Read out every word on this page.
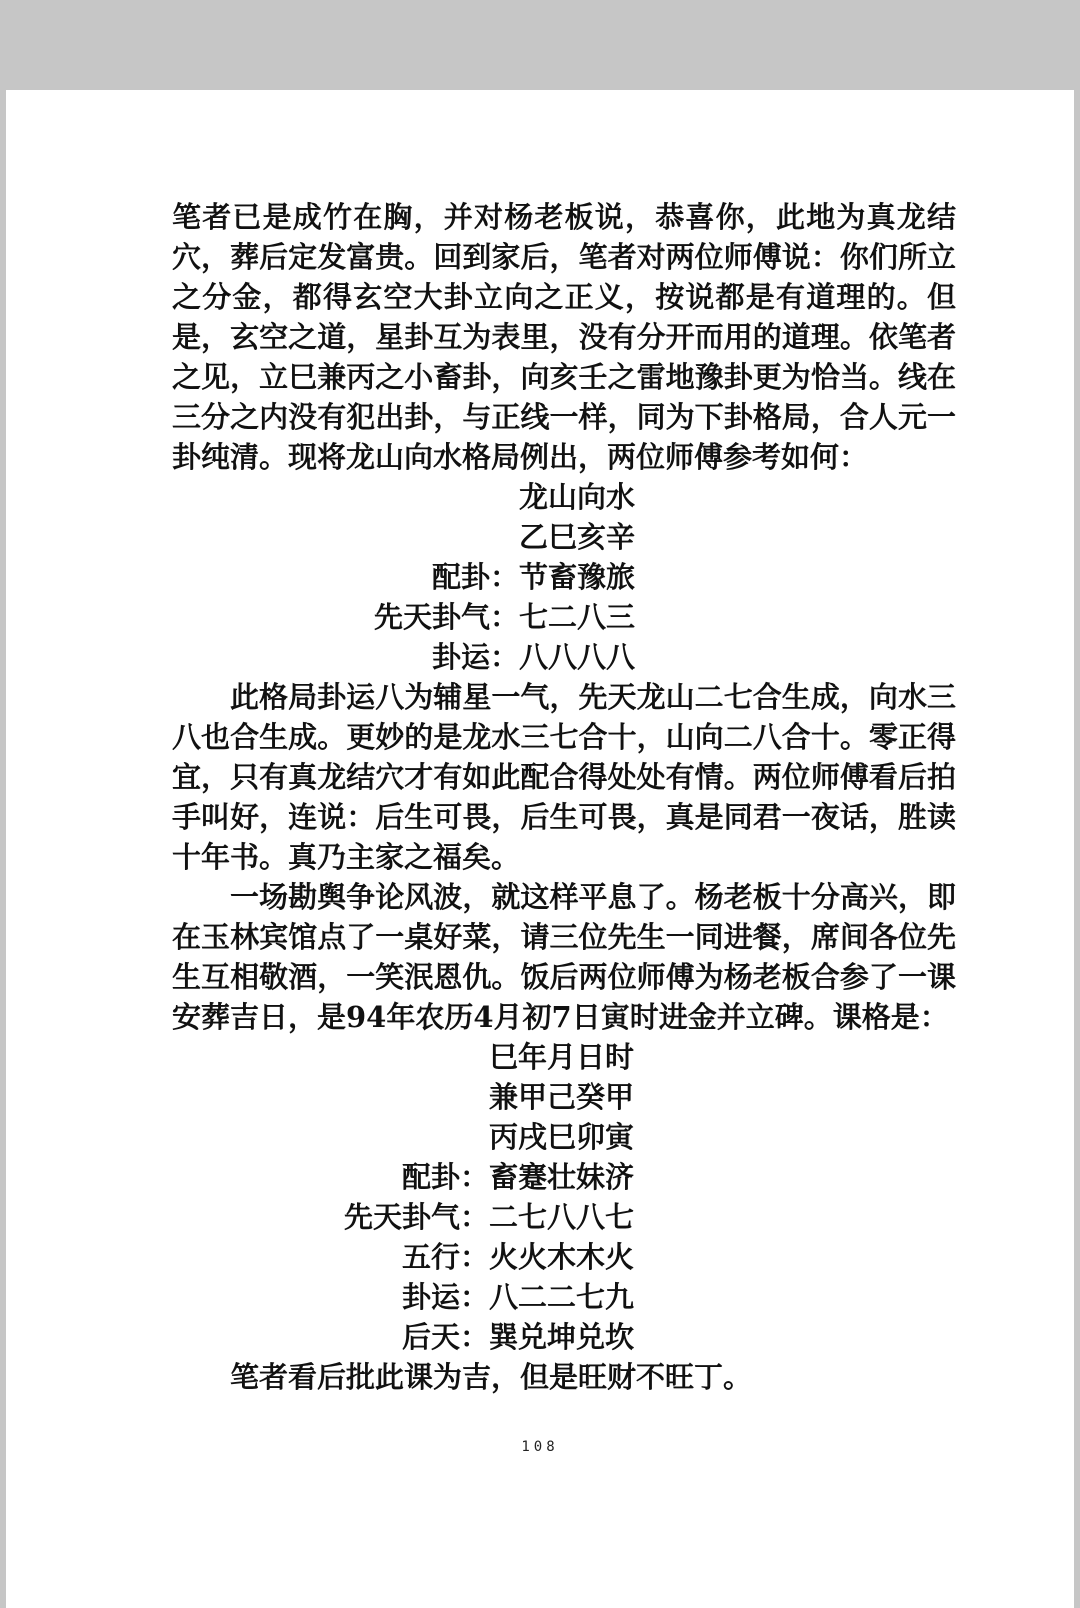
笔者已是成竹在胸，并对杨老板说，恭喜你，此地为真龙结穴，葬后定发富贵。回到家后，笔者对两位师傅说：你们所立之分金，都得玄空大卦立向之正义，按说都是有道理的。但是，玄空之道，星卦互为表里，没有分开而用的道理。依笔者之见，立巳兼丙之小畜卦，向亥壬之雷地豫卦更为恰当。线在三分之内没有犯出卦，与正线一样，同为下卦格局，合人元一卦纯清。现将龙山向水格局例出，两位师傅参考如何：

龙山向水
乙巳亥辛
配卦： 节畜豫旅
先天卦气： 七二八三
卦运： 八八八八

此格局卦运八为辅星一气，先天龙山二七合生成，向水三八也合生成。更妙的是龙水三七合十，山向二八合十。零正得宜，只有真龙结穴才有如此配合得处处有情。两位师傅看后拍手叫好，连说：后生可畏，后生可畏，真是同君一夜话，胜读十年书。真乃主家之福矣。

一场勘舆争论风波，就这样平息了。杨老板十分高兴，即在玉林宾馆点了一桌好菜，请三位先生一同进餐，席间各位先生互相敬酒，一笑泯恩仇。饭后两位师傅为杨老板合参了一课安葬吉日，是94年农历4月初7日寅时进金并立碑。课格是：

巳年月日时
兼甲己癸甲
丙戌巳卯寅
配卦： 畜蹇壮妹济
先天卦气： 二七八八七
五行： 火火木木火
卦运： 八二二七九
后天： 巽兑坤兑坎

笔者看后批此课为吉，但是旺财不旺丁。

108
